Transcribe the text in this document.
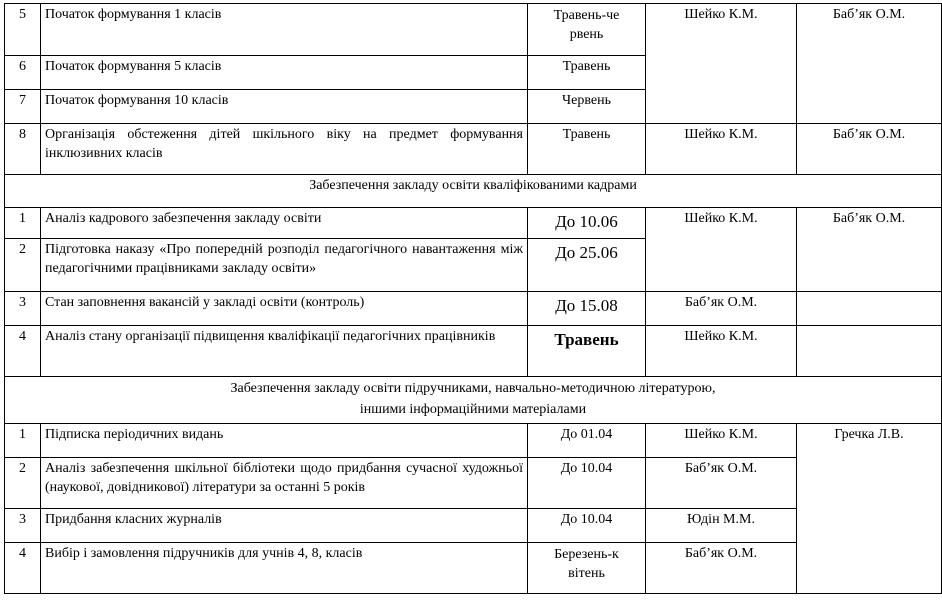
5	Початок формування 1 класів	Травень-червень	Шейко К.М.	Баб’як О.М.
6	Початок формування 5 класів	Травень		
7	Початок формування 10 класів	Червень		
8	Організація обстеження дітей шкільного віку на предмет формування інклюзивних класів	Травень	Шейко К.М.	Баб’як О.М.
Забезпечення закладу освіти кваліфікованими кадрами				
1	Аналіз кадрового забезпечення закладу освіти	До 10.06	Шейко К.М.	Баб’як О.М.
2	Підготовка наказу «Про попередній розподіл педагогічного навантаження між педагогічними працівниками закладу освіти»	До 25.06		
3	Стан заповнення вакансій у закладі освіти (контроль)	До 15.08	Баб’як О.М.	
4	Аналіз стану організації підвищення кваліфікації педагогічних працівників	Травень	Шейко К.М.	
Забезпечення закладу освіти підручниками, навчально-методичною літературою,
іншими інформаційними матеріалами				
1	Підписка періодичних видань	До 01.04	Шейко К.М.	Гречка Л.В.
2	Аналіз забезпечення шкільної бібліотеки щодо придбання сучасної художньої (наукової, довідникової) літератури за останні 5 років	До 10.04	Баб’як О.М.	
3	Придбання класних журналів	До 10.04	Юдін М.М.	
4	Вибір і замовлення підручників для учнів 4, 8, класів	Березень-квітень	Баб’як О.М.	
